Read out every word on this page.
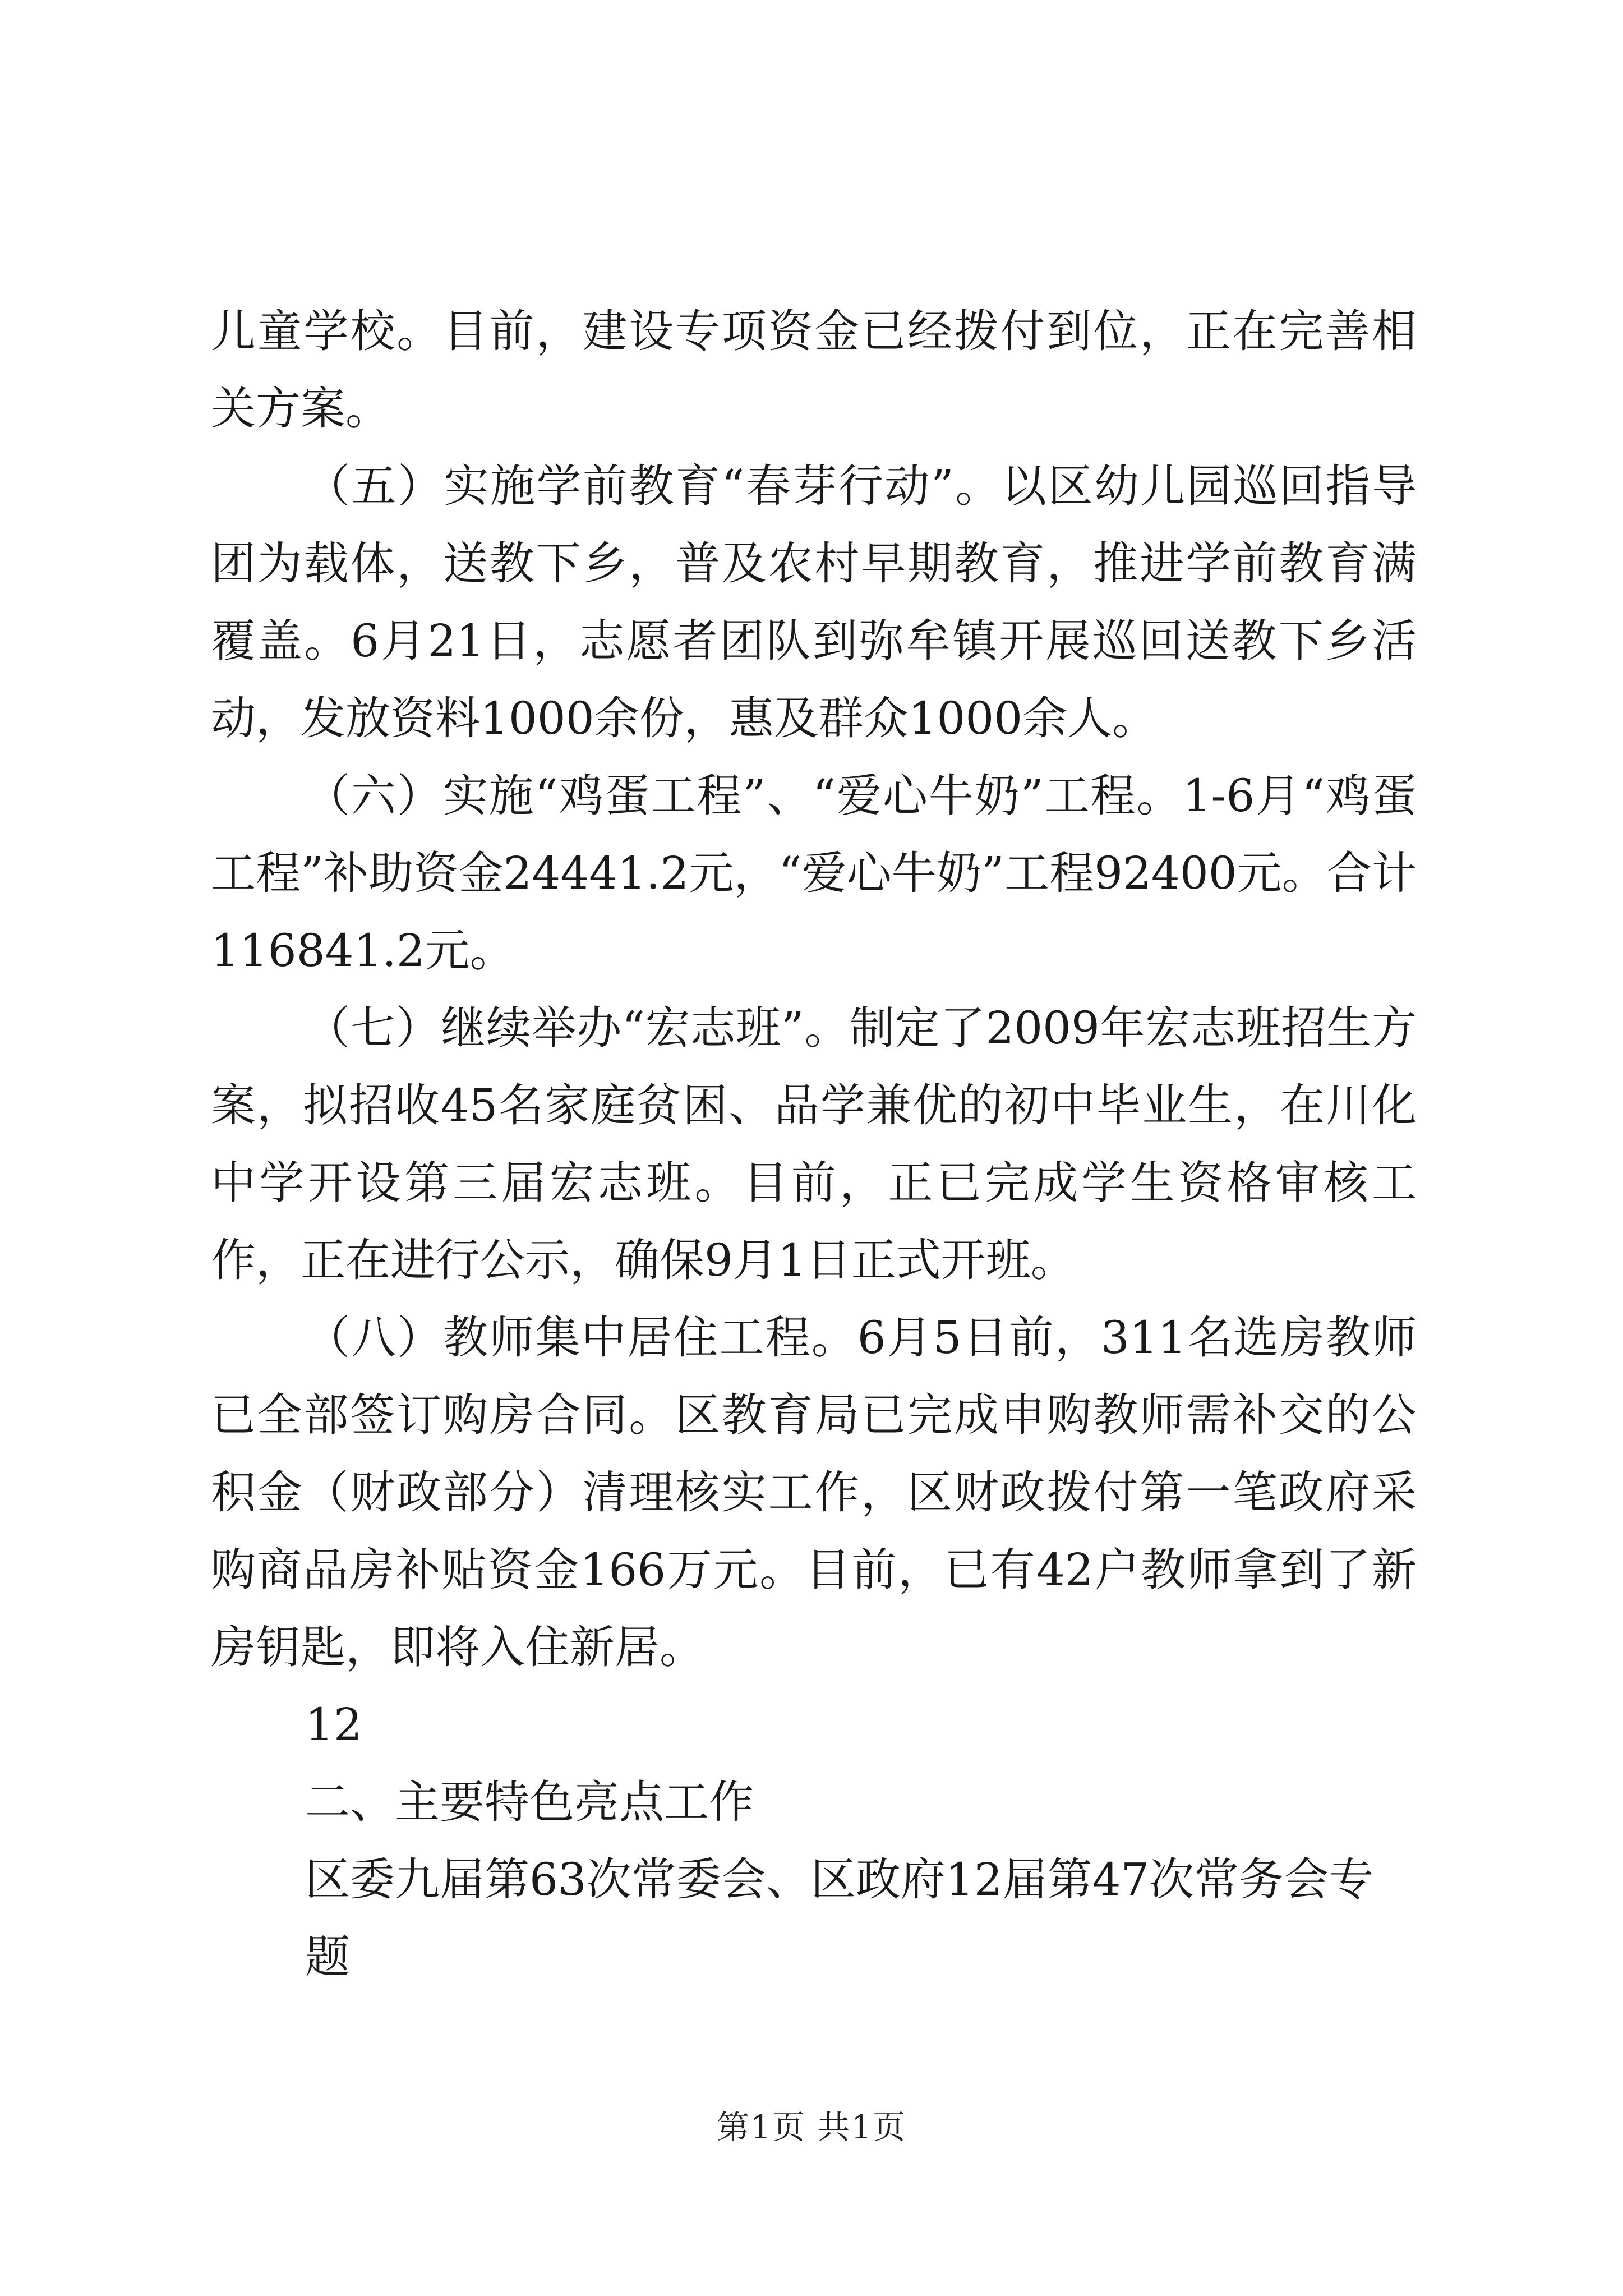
儿童学校。目前，建设专项资金已经拨付到位，正在完善相关方案。

（五）实施学前教育“春芽行动”。以区幼儿园巡回指导团为载体，送教下乡，普及农村早期教育，推进学前教育满覆盖。6月21日，志愿者团队到弥牟镇开展巡回送教下乡活动，发放资料1000余份，惠及群众1000余人。

（六）实施“鸡蛋工程”、“爱心牛奶”工程。1-6月“鸡蛋工程”补助资金24441.2元，“爱心牛奶”工程92400元。合计116841.2元。

（七）继续举办“宏志班”。制定了2009年宏志班招生方案，拟招收45名家庭贫困、品学兼优的初中毕业生，在川化中学开设第三届宏志班。目前，正已完成学生资格审核工作，正在进行公示，确保9月1日正式开班。

（八）教师集中居住工程。6月5日前，311名选房教师已全部签订购房合同。区教育局已完成申购教师需补交的公积金（财政部分）清理核实工作，区财政拨付第一笔政府采购商品房补贴资金166万元。目前，已有42户教师拿到了新房钥匙，即将入住新居。

12

二、主要特色亮点工作

区委九届第63次常委会、区政府12届第47次常务会专题

第1页 共1页
